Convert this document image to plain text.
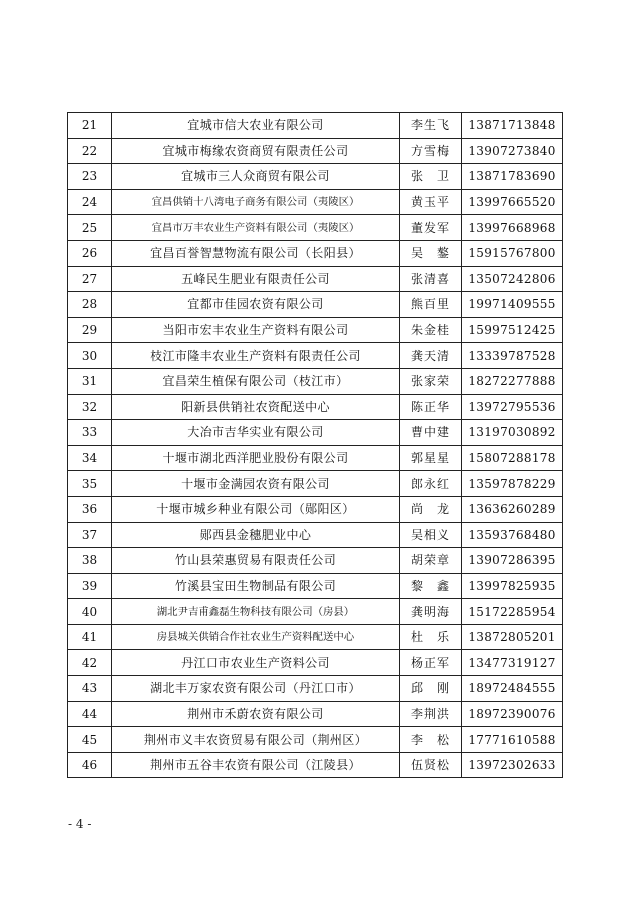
21	宜城市信大农业有限公司	李生飞	13871713848
22	宜城市梅缘农资商贸有限责任公司	方雪梅	13907273840
23	宜城市三人众商贸有限公司	张　卫	13871783690
24	宜昌供销十八湾电子商务有限公司（夷陵区）	黄玉平	13997665520
25	宜昌市万丰农业生产资料有限公司（夷陵区）	董发军	13997668968
26	宜昌百誉智慧物流有限公司（长阳县）	吴　鏊	15915767800
27	五峰民生肥业有限责任公司	张清喜	13507242806
28	宜都市佳园农资有限公司	熊百里	19971409555
29	当阳市宏丰农业生产资料有限公司	朱金桂	15997512425
30	枝江市隆丰农业生产资料有限责任公司	龚天清	13339787528
31	宜昌荣生植保有限公司（枝江市）	张家荣	18272277888
32	阳新县供销社农资配送中心	陈正华	13972795536
33	大冶市吉华实业有限公司	曹中建	13197030892
34	十堰市湖北西洋肥业股份有限公司	郭星星	15807288178
35	十堰市金满园农资有限公司	郎永红	13597878229
36	十堰市城乡种业有限公司（郧阳区）	尚　龙	13636260289
37	郧西县金穗肥业中心	吴相义	13593768480
38	竹山县荣惠贸易有限责任公司	胡荣章	13907286395
39	竹溪县宝田生物制品有限公司	黎　鑫	13997825935
40	湖北尹吉甫鑫磊生物科技有限公司（房县）	龚明海	15172285954
41	房县城关供销合作社农业生产资料配送中心	杜　乐	13872805201
42	丹江口市农业生产资料公司	杨正军	13477319127
43	湖北丰万家农资有限公司（丹江口市）	邱　刚	18972484555
44	荆州市禾蔚农资有限公司	李荆洪	18972390076
45	荆州市义丰农资贸易有限公司（荆州区）	李　松	17771610588
46	荆州市五谷丰农资有限公司（江陵县）	伍贤松	13972302633
- 4 -
